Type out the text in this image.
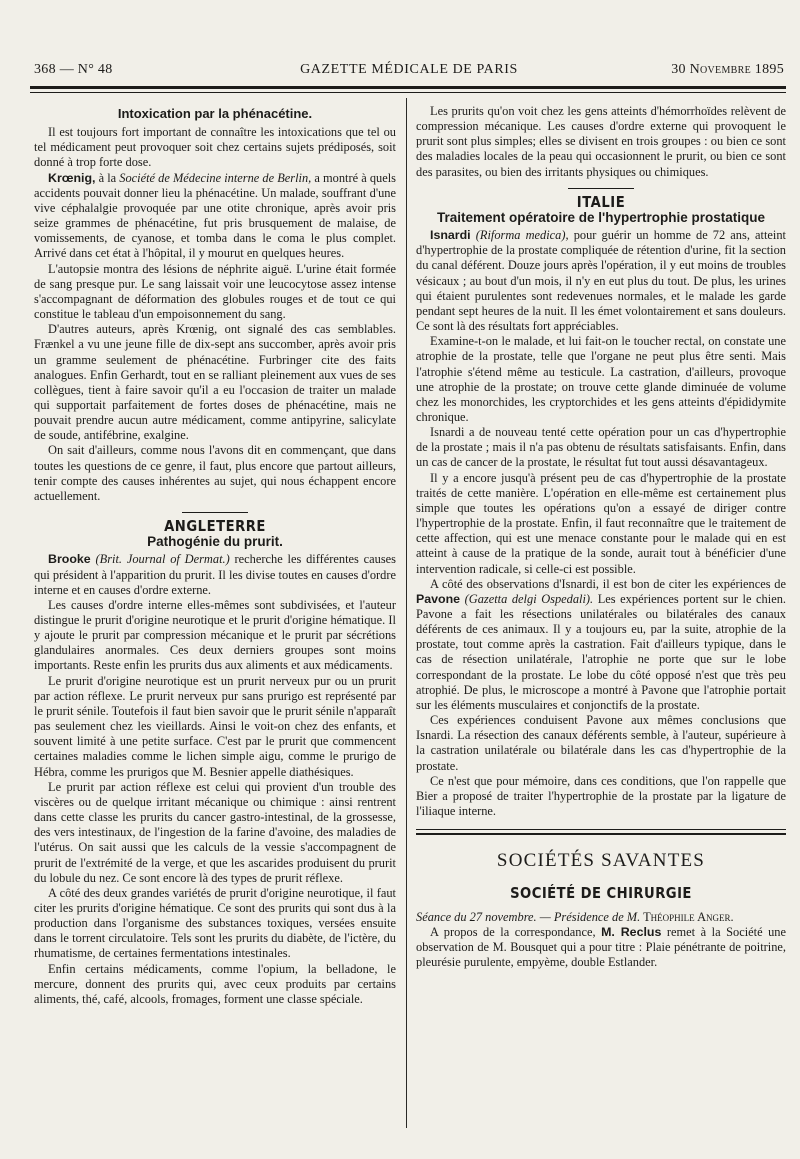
368 — N° 48	GAZETTE MÉDICALE DE PARIS	30 Novembre 1895
Intoxication par la phénacétine.

Il est toujours fort important de connaître les intoxications que tel ou tel médicament peut provoquer soit chez certains sujets prédiposés, soit donné à trop forte dose.

Krœnig, à la Société de Médecine interne de Berlin, a montré à quels accidents pouvait donner lieu la phénacétine. Un malade, souffrant d'une vive céphalalgie provoquée par une otite chronique, après avoir pris seize grammes de phénacétine, fut pris brusquement de malaise, de vomissements, de cyanose, et tomba dans le coma le plus complet. Arrivé dans cet état à l'hôpital, il y mourut en quelques heures.

L'autopsie montra des lésions de néphrite aiguë. L'urine était formée de sang presque pur. Le sang laissait voir une leucocytose assez intense s'accompagnant de déformation des globules rouges et de tout ce qui constitue le tableau d'un empoisonnement du sang.

D'autres auteurs, après Krœnig, ont signalé des cas semblables. Frænkel a vu une jeune fille de dix-sept ans succomber, après avoir pris un gramme seulement de phénacétine. Furbringer cite des faits analogues. Enfin Gerhardt, tout en se ralliant pleinement aux vues de ses collègues, tient à faire savoir qu'il a eu l'occasion de traiter un malade qui supportait parfaitement de fortes doses de phénacétine, mais ne pouvait prendre aucun autre médicament, comme antipyrine, salicylate de soude, antifébrine, exalgine.

On sait d'ailleurs, comme nous l'avons dit en commençant, que dans toutes les questions de ce genre, il faut, plus encore que partout ailleurs, tenir compte des causes inhérentes au sujet, qui nous échappent encore actuellement.

ANGLETERRE
Pathogénie du prurit.

Brooke (Brit. Journal of Dermat.) recherche les différentes causes qui président à l'apparition du prurit. Il les divise toutes en causes d'ordre interne et en causes d'ordre externe.

Les causes d'ordre interne elles-mêmes sont subdivisées, et l'auteur distingue le prurit d'origine neurotique et le prurit d'origine hématique. Il y ajoute le prurit par compression mécanique et le prurit par sécrétions glandulaires anormales. Ces deux derniers groupes sont moins importants. Reste enfin les prurits dus aux aliments et aux médicaments.

Le prurit d'origine neurotique est un prurit nerveux pur ou un prurit par action réflexe. Le prurit nerveux pur sans prurigo est représenté par le prurit sénile. Toutefois il faut bien savoir que le prurit sénile n'apparaît pas seulement chez les vieillards. Ainsi le voit-on chez des enfants, et souvent limité à une petite surface. C'est par le prurit que commencent certaines maladies comme le lichen simple aigu, comme le prurigo de Hébra, comme les prurigos que M. Besnier appelle diathésiques.

Le prurit par action réflexe est celui qui provient d'un trouble des viscères ou de quelque irritant mécanique ou chimique : ainsi rentrent dans cette classe les prurits du cancer gastro-intestinal, de la grossesse, des vers intestinaux, de l'ingestion de la farine d'avoine, des maladies de l'utérus. On sait aussi que les calculs de la vessie s'accompagnent de prurit de l'extrémité de la verge, et que les ascarides produisent du prurit du lobule du nez. Ce sont encore là des types de prurit réflexe.

A côté des deux grandes variétés de prurit d'origine neurotique, il faut citer les prurits d'origine hématique. Ce sont des prurits qui sont dus à la production dans l'organisme des substances toxiques, versées ensuite dans le torrent circulatoire. Tels sont les prurits du diabète, de l'ictère, du rhumatisme, de certaines fermentations intestinales.

Enfin certains médicaments, comme l'opium, la belladone, le mercure, donnent des prurits qui, avec ceux produits par certains aliments, thé, café, alcools, fromages, forment une classe spéciale.

Les prurits qu'on voit chez les gens atteints d'hémorrhoïdes relèvent de compression mécanique. Les causes d'ordre externe qui provoquent le prurit sont plus simples; elles se divisent en trois groupes : ou bien ce sont des maladies locales de la peau qui occasionnent le prurit, ou bien ce sont des parasites, ou bien des irritants physiques ou chimiques.

ITALIE
Traitement opératoire de l'hypertrophie prostatique

Isnardi (Riforma medica), pour guérir un homme de 72 ans, atteint d'hypertrophie de la prostate compliquée de rétention d'urine, fit la section du canal déférent. Douze jours après l'opération, il y eut moins de troubles vésicaux ; au bout d'un mois, il n'y en eut plus du tout. De plus, les urines qui étaient purulentes sont redevenues normales, et le malade les garde pendant sept heures de la nuit. Il les émet volontairement et sans douleurs. Ce sont là des résultats fort appréciables.

Examine-t-on le malade, et lui fait-on le toucher rectal, on constate une atrophie de la prostate, telle que l'organe ne peut plus être senti. Mais l'atrophie s'étend même au testicule. La castration, d'ailleurs, provoque une atrophie de la prostate; on trouve cette glande diminuée de volume chez les monorchides, les cryptorchides et les gens atteints d'épididymite chronique.

Isnardi a de nouveau tenté cette opération pour un cas d'hypertrophie de la prostate ; mais il n'a pas obtenu de résultats satisfaisants. Enfin, dans un cas de cancer de la prostate, le résultat fut tout aussi désavantageux.

Il y a encore jusqu'à présent peu de cas d'hypertrophie de la prostate traités de cette manière. L'opération en elle-même est certainement plus simple que toutes les opérations qu'on a essayé de diriger contre l'hypertrophie de la prostate. Enfin, il faut reconnaître que le traitement de cette affection, qui est une menace constante pour le malade qui en est atteint à cause de la pratique de la sonde, aurait tout à bénéficier d'une intervention radicale, si celle-ci est possible.

A côté des observations d'Isnardi, il est bon de citer les expériences de Pavone (Gazetta delgi Ospedali). Les expériences portent sur le chien. Pavone a fait les résections unilatérales ou bilatérales des canaux déférents de ces animaux. Il y a toujours eu, par la suite, atrophie de la prostate, tout comme après la castration. Fait d'ailleurs typique, dans le cas de résection unilatérale, l'atrophie ne porte que sur le lobe correspondant de la prostate. Le lobe du côté opposé n'est que très peu atrophié. De plus, le microscope a montré à Pavone que l'atrophie portait sur les éléments musculaires et conjonctifs de la prostate.

Ces expériences conduisent Pavone aux mêmes conclusions que Isnardi. La résection des canaux déférents semble, à l'auteur, supérieure à la castration unilatérale ou bilatérale dans les cas d'hypertrophie de la prostate.

Ce n'est que pour mémoire, dans ces conditions, que l'on rappelle que Bier a proposé de traiter l'hypertrophie de la prostate par la ligature de l'iliaque interne.

SOCIÉTÉS SAVANTES
SOCIÉTÉ DE CHIRURGIE

Séance du 27 novembre. — Présidence de M. Théophile Anger.

A propos de la correspondance, M. Reclus remet à la Société une observation de M. Bousquet qui a pour titre : Plaie pénétrante de poitrine, pleurésie purulente, empyème, double Estlander.
